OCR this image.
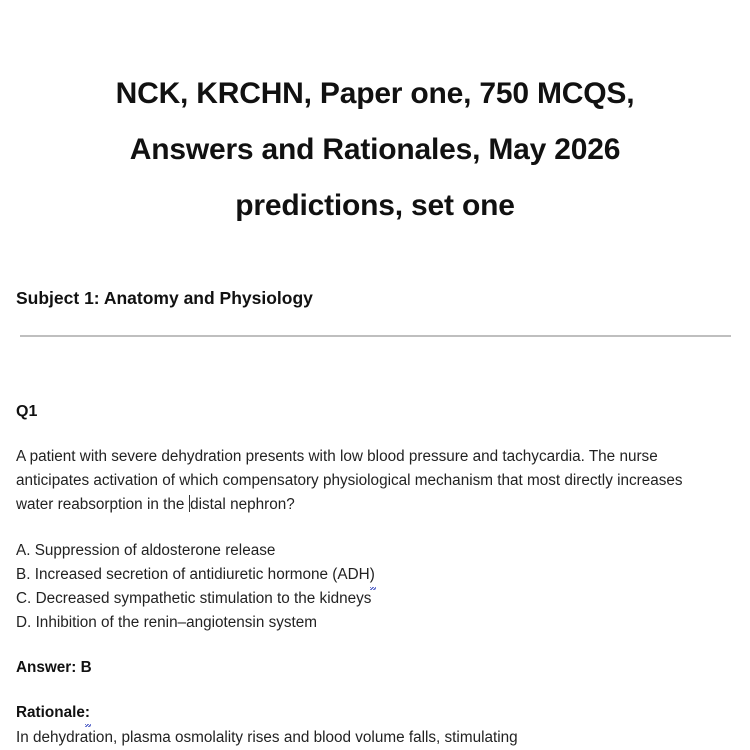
NCK, KRCHN, Paper one, 750 MCQS,
Answers and Rationales, May 2026
predictions, set one
Subject 1: Anatomy and Physiology
Q1

A patient with severe dehydration presents with low blood pressure and tachycardia. The nurse anticipates activation of which compensatory physiological mechanism that most directly increases water reabsorption in the distal nephron?

A. Suppression of aldosterone release
B. Increased secretion of antidiuretic hormone (ADH)
C. Decreased sympathetic stimulation to the kidneys
D. Inhibition of the renin–angiotensin system

Answer: B

Rationale:

In dehydration, plasma osmolality rises and blood volume falls, stimulating
